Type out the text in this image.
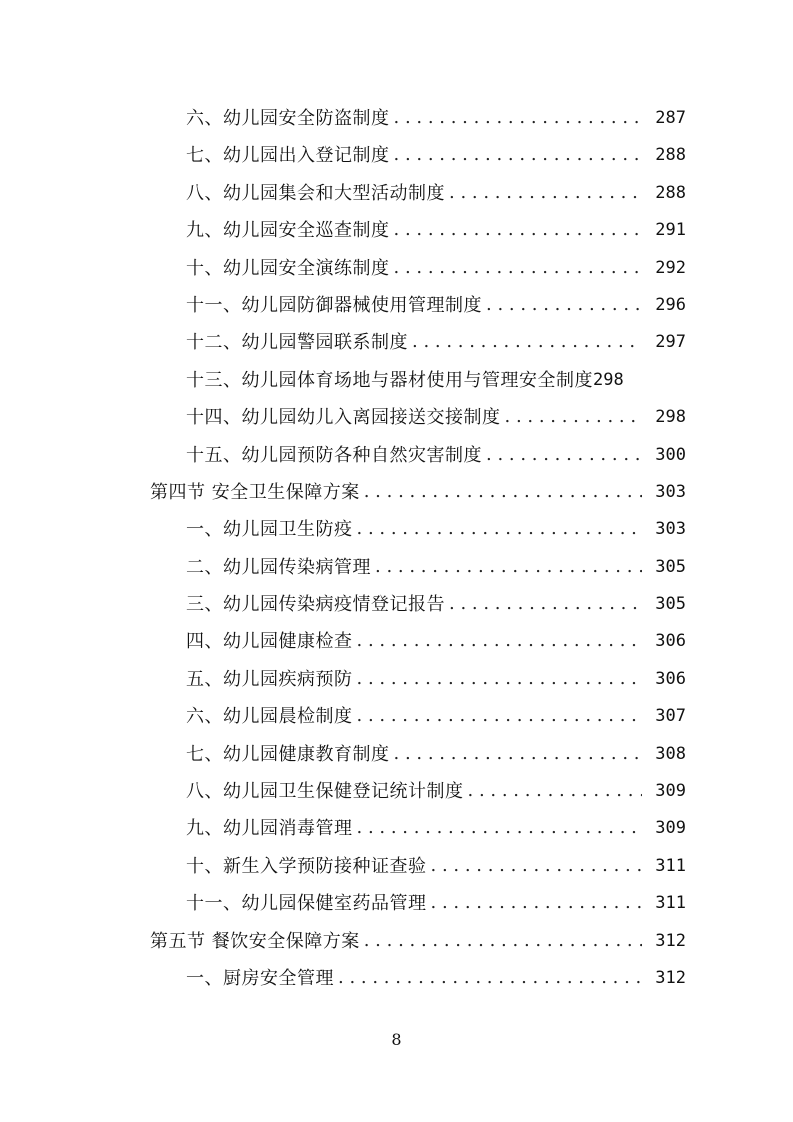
六、幼儿园安全防盗制度 . . .	287
七、幼儿园出入登记制度 . . .	288
八、幼儿园集会和大型活动制度 . . .	288
九、幼儿园安全巡查制度 . . .	291
十、幼儿园安全演练制度 . . .	292
十一、幼儿园防御器械使用管理制度 . . .	296
十二、幼儿园警园联系制度 . . .	297
十三、幼儿园体育场地与器材使用与管理安全制度 298
十四、幼儿园幼儿入离园接送交接制度 . . .	298
十五、幼儿园预防各种自然灾害制度 . . .	300
第四节 安全卫生保障方案 . . .	303
一、幼儿园卫生防疫 . . .	303
二、幼儿园传染病管理 . . .	305
三、幼儿园传染病疫情登记报告 . . .	305
四、幼儿园健康检查 . . .	306
五、幼儿园疾病预防 . . .	306
六、幼儿园晨检制度 . . .	307
七、幼儿园健康教育制度 . . .	308
八、幼儿园卫生保健登记统计制度 . . .	309
九、幼儿园消毒管理 . . .	309
十、新生入学预防接种证查验 . . .	311
十一、幼儿园保健室药品管理 . . .	311
第五节 餐饮安全保障方案 . . .	312
一、厨房安全管理 . . .	312
8
